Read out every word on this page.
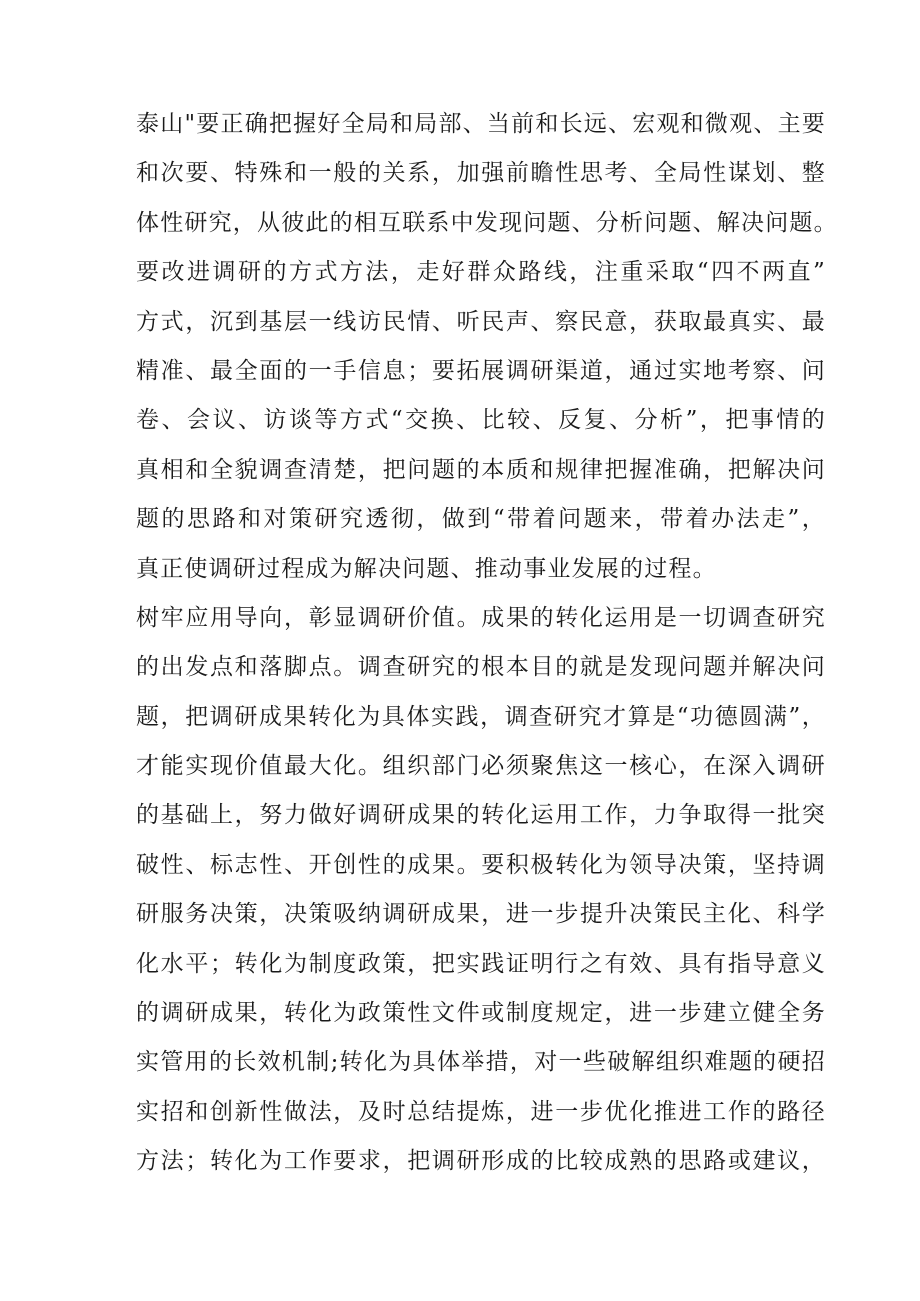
泰山"要正确把握好全局和局部、当前和长远、宏观和微观、主要
和次要、特殊和一般的关系，加强前瞻性思考、全局性谋划、整
体性研究，从彼此的相互联系中发现问题、分析问题、解决问题。
要改进调研的方式方法，走好群众路线，注重采取“四不两直”
方式，沉到基层一线访民情、听民声、察民意，获取最真实、最
精准、最全面的一手信息；要拓展调研渠道，通过实地考察、问
卷、会议、访谈等方式“交换、比较、反复、分析”，把事情的
真相和全貌调查清楚，把问题的本质和规律把握准确，把解决问
题的思路和对策研究透彻，做到“带着问题来，带着办法走”，
真正使调研过程成为解决问题、推动事业发展的过程。
树牢应用导向，彰显调研价值。成果的转化运用是一切调查研究
的出发点和落脚点。调查研究的根本目的就是发现问题并解决问
题，把调研成果转化为具体实践，调查研究才算是“功德圆满”，
才能实现价值最大化。组织部门必须聚焦这一核心，在深入调研
的基础上，努力做好调研成果的转化运用工作，力争取得一批突
破性、标志性、开创性的成果。要积极转化为领导决策，坚持调
研服务决策，决策吸纳调研成果，进一步提升决策民主化、科学
化水平；转化为制度政策，把实践证明行之有效、具有指导意义
的调研成果，转化为政策性文件或制度规定，进一步建立健全务
实管用的长效机制;转化为具体举措，对一些破解组织难题的硬招
实招和创新性做法，及时总结提炼，进一步优化推进工作的路径
方法；转化为工作要求，把调研形成的比较成熟的思路或建议，
